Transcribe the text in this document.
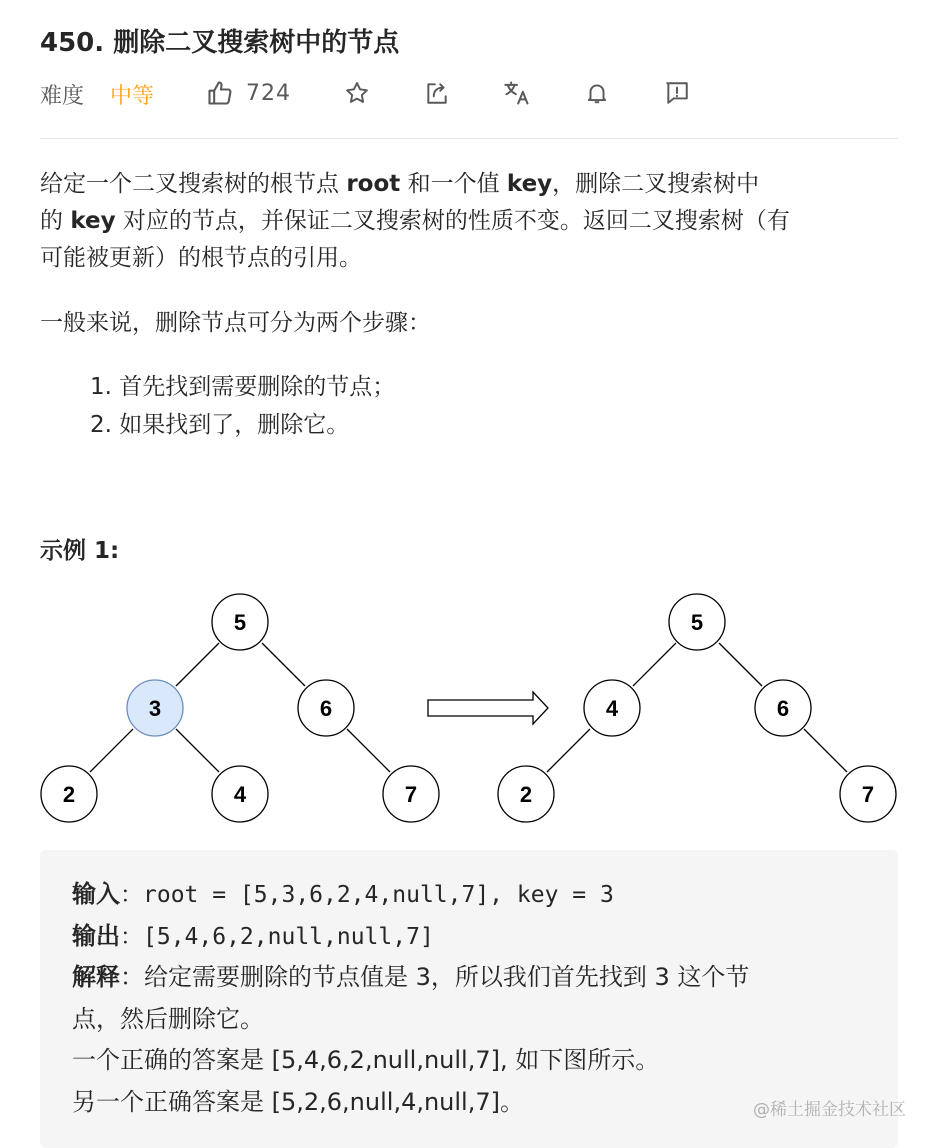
450. 删除二叉搜索树中的节点
难度 中等	724
给定一个二叉搜索树的根节点 root 和一个值 key，删除二叉搜索树中
的 key 对应的节点，并保证二叉搜索树的性质不变。返回二叉搜索树（有
可能被更新）的根节点的引用。
一般来说，删除节点可分为两个步骤：
1. 首先找到需要删除的节点；
2. 如果找到了，删除它。
示例 1:
5
3	6
2	4	7
5
4	6
2	7
输入：root = [5,3,6,2,4,null,7], key = 3
输出：[5,4,6,2,null,null,7]
解释：给定需要删除的节点值是 3，所以我们首先找到 3 这个节
点，然后删除它。
一个正确的答案是 [5,4,6,2,null,null,7], 如下图所示。
另一个正确答案是 [5,2,6,null,4,null,7]。	@稀土掘金技术社区
